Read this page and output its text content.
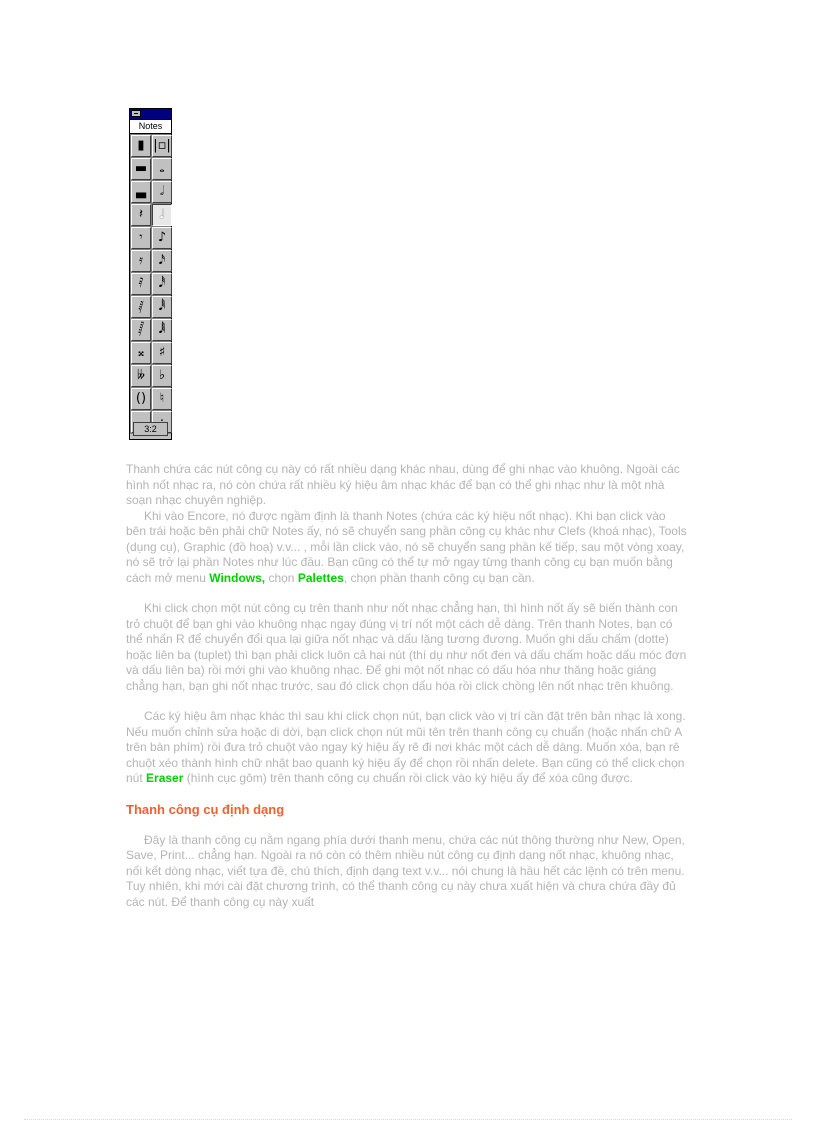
Notes
▮ |▫|
▬ 𝅝
▃	𝅗𝅥
𝄽	♩
𝄾	♪
𝄿	𝅘𝅥𝅯
𝅀	𝅘𝅥𝅰
𝅁	𝅘𝅥𝅱
𝅂	𝅘𝅥𝅲
𝄪	♯
𝄫	♭
()	♮
3:2

Thanh chứa các nút công cụ này có rất nhiều dạng khác nhau, dùng để ghi nhạc vào khuông. Ngoài các hình nốt nhạc ra, nó còn chứa rất nhiều ký hiệu âm nhạc khác để bạn có thể ghi nhạc như là một nhà soạn nhạc chuyên nghiệp.

Khi vào Encore, nó được ngầm định là thanh Notes (chứa các ký hiệu nốt nhạc). Khi bạn click vào bên trái hoặc bên phải chữ Notes ấy, nó sẽ chuyển sang phần công cụ khác như Clefs (khoá nhạc), Tools (dụng cụ), Graphic (đồ hoạ) v.v... , mỗi lần click vào, nó sẽ chuyển sang phần kế tiếp, sau một vòng xoay, nó sẽ trở lại phần Notes như lúc đầu. Bạn cũng có thể tự mở ngay từng thanh công cụ bạn muốn bằng cách mở menu Windows, chọn Palettes, chọn phần thanh công cụ bạn cần.

Khi click chọn một nút công cụ trên thanh như nốt nhạc chẳng hạn, thì hình nốt ấy sẽ biến thành con trỏ chuột để bạn ghi vào khuông nhạc ngay đúng vị trí nốt một cách dễ dàng. Trên thanh Notes, bạn có thể nhấn R để chuyển đổi qua lại giữa nốt nhạc và dấu lặng tương đương. Muốn ghi dấu chấm (dotte) hoặc liên ba (tuplet) thì bạn phải click luôn cả hai nút (thí dụ như nốt đen và dấu chấm hoặc dấu móc đơn và dấu liên ba) rồi mới ghi vào khuông nhạc. Để ghi một nốt nhạc có dấu hóa như thăng hoặc giáng chẳng hạn, bạn ghi nốt nhạc trước, sau đó click chọn dấu hóa rồi click chồng lên nốt nhạc trên khuông.

Các ký hiệu âm nhạc khác thì sau khi click chọn nút, bạn click vào vị trí cần đặt trên bản nhạc là xong. Nếu muốn chỉnh sửa hoặc di dời, bạn click chọn nút mũi tên trên thanh công cụ chuẩn (hoặc nhấn chữ A trên bàn phím) rồi đưa trỏ chuột vào ngay ký hiệu ấy rê đi nơi khác một cách dễ dàng. Muốn xóa, bạn rê chuột xéo thành hình chữ nhật bao quanh ký hiệu ấy để chọn rồi nhấn delete. Bạn cũng có thể click chọn nút Eraser (hình cục gôm) trên thanh công cụ chuẩn rồi click vào ký hiệu ấy để xóa cũng được.

Thanh công cụ định dạng

Đây là thanh công cụ nằm ngang phía dưới thanh menu, chứa các nút thông thường như New, Open, Save, Print... chẳng hạn. Ngoài ra nó còn có thêm nhiều nút công cụ định dạng nốt nhạc, khuông nhạc, nối kết dòng nhạc, viết tựa đề, chú thích, định dạng text v.v... nói chung là hầu hết các lệnh có trên menu. Tuy nhiên, khi mới cài đặt chương trình, có thể thanh công cụ này chưa xuất hiện và chưa chứa đầy đủ các nút. Để thanh công cụ này xuất
